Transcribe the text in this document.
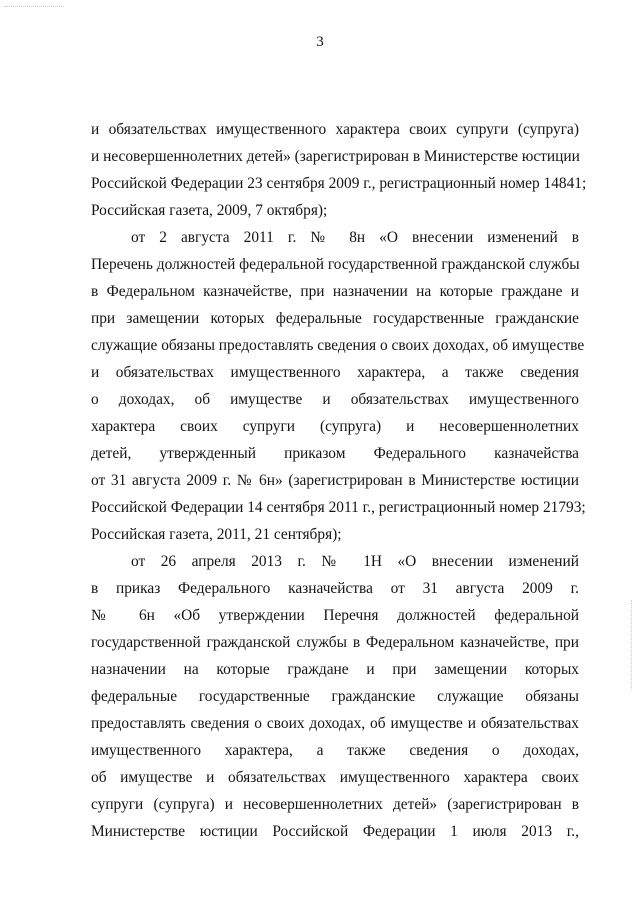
3
и обязательствах имущественного характера своих супруги (супруга)
и несовершеннолетних детей» (зарегистрирован в Министерстве юстиции
Российской Федерации 23 сентября 2009 г., регистрационный номер 14841;
Российская газета, 2009, 7 октября);
от 2 августа 2011 г. № 8н «О внесении изменений в
Перечень должностей федеральной государственной гражданской службы
в Федеральном казначействе, при назначении на которые граждане и
при замещении которых федеральные государственные гражданские
служащие обязаны предоставлять сведения о своих доходах, об имуществе
и обязательствах имущественного характера, а также сведения
о доходах, об имуществе и обязательствах имущественного
характера своих супруги (супруга) и несовершеннолетних
детей, утвержденный приказом Федерального казначейства
от 31 августа 2009 г. № 6н» (зарегистрирован в Министерстве юстиции
Российской Федерации 14 сентября 2011 г., регистрационный номер 21793;
Российская газета, 2011, 21 сентября);
от 26 апреля 2013 г. № 1Н «О внесении изменений
в приказ Федерального казначейства от 31 августа 2009 г.
№ 6н «Об утверждении Перечня должностей федеральной
государственной гражданской службы в Федеральном казначействе, при
назначении на которые граждане и при замещении которых
федеральные государственные гражданские служащие обязаны
предоставлять сведения о своих доходах, об имуществе и обязательствах
имущественного характера, а также сведения о доходах,
об имуществе и обязательствах имущественного характера своих
супруги (супруга) и несовершеннолетних детей» (зарегистрирован в
Министерстве юстиции Российской Федерации 1 июля 2013 г.,
